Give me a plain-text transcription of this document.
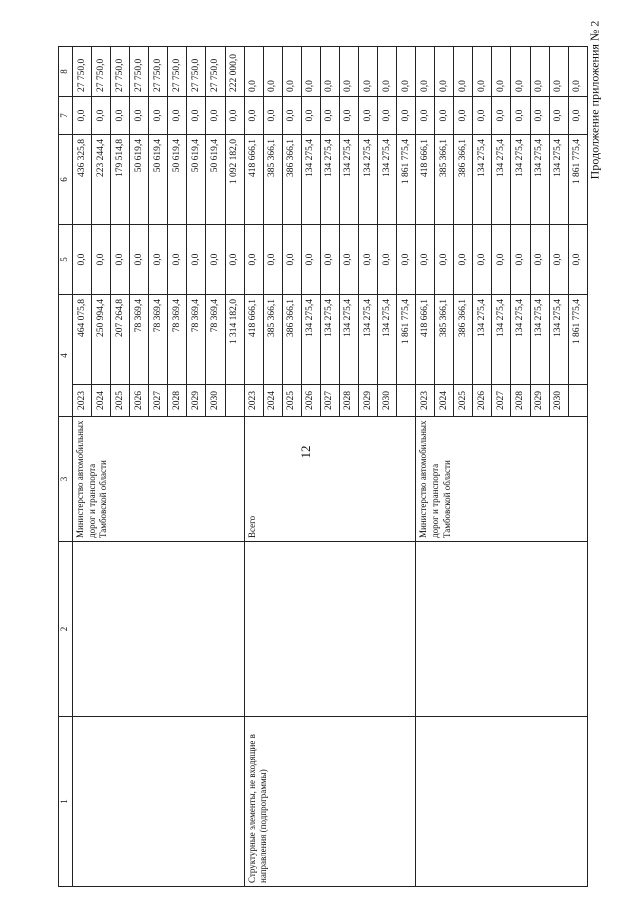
12
Продолжение приложения № 2
1	2	3	4		5	6	7	8
		Министерство автомобильных дорог и транспорта Тамбовской области	2023	464 075,8	0,0	436 325,8	0,0	27 750,0
			2024	250 994,4	0,0	223 244,4	0,0	27 750,0
			2025	207 264,8	0,0	179 514,8	0,0	27 750,0
			2026	78 369,4	0,0	50 619,4	0,0	27 750,0
			2027	78 369,4	0,0	50 619,4	0,0	27 750,0
			2028	78 369,4	0,0	50 619,4	0,0	27 750,0
			2029	78 369,4	0,0	50 619,4	0,0	27 750,0
			2030	78 369,4	0,0	50 619,4	0,0	27 750,0
				1 314 182,0	0,0	1 092 182,0	0,0	222 000,0
Структурные элементы, не входящие в направления (подпрограммы)		Всего	2023	418 666,1	0,0	418 666,1	0,0	0,0
			2024	385 366,1	0,0	385 366,1	0,0	0,0
			2025	386 366,1	0,0	386 366,1	0,0	0,0
			2026	134 275,4	0,0	134 275,4	0,0	0,0
			2027	134 275,4	0,0	134 275,4	0,0	0,0
			2028	134 275,4	0,0	134 275,4	0,0	0,0
			2029	134 275,4	0,0	134 275,4	0,0	0,0
			2030	134 275,4	0,0	134 275,4	0,0	0,0
				1 861 775,4	0,0	1 861 775,4	0,0	0,0
		Министерство автомобильных дорог и транспорта Тамбовской области	2023	418 666,1	0,0	418 666,1	0,0	0,0
			2024	385 366,1	0,0	385 366,1	0,0	0,0
			2025	386 366,1	0,0	386 366,1	0,0	0,0
			2026	134 275,4	0,0	134 275,4	0,0	0,0
			2027	134 275,4	0,0	134 275,4	0,0	0,0
			2028	134 275,4	0,0	134 275,4	0,0	0,0
			2029	134 275,4	0,0	134 275,4	0,0	0,0
			2030	134 275,4	0,0	134 275,4	0,0	0,0
				1 861 775,4	0,0	1 861 775,4	0,0	0,0
